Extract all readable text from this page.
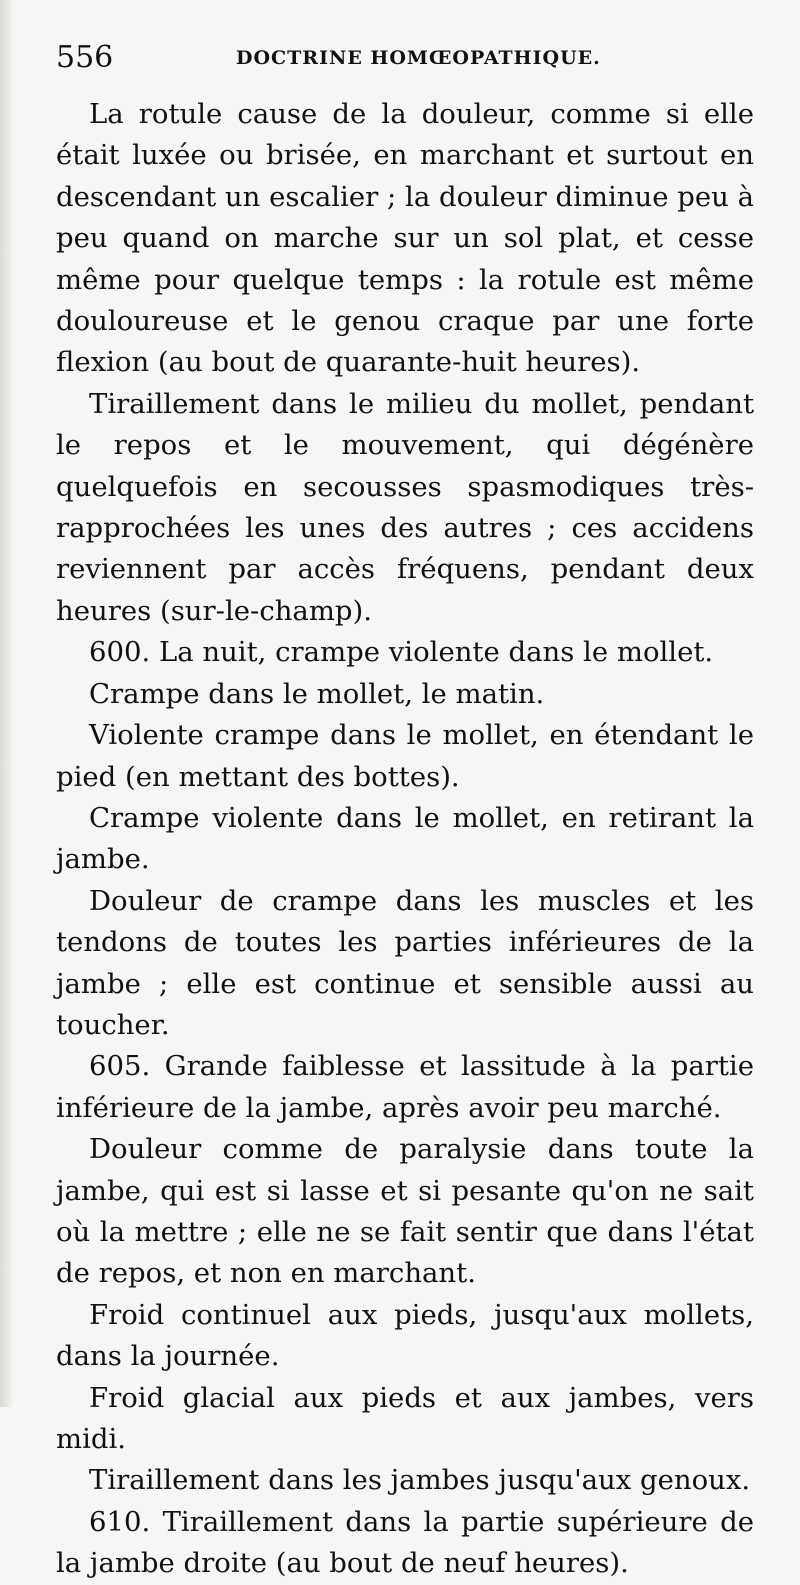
556	DOCTRINE HOMŒOPATHIQUE.

La rotule cause de la douleur, comme si elle était luxée ou brisée, en marchant et surtout en descendant un escalier ; la douleur diminue peu à peu quand on marche sur un sol plat, et cesse même pour quelque temps : la rotule est même douloureuse et le genou craque par une forte flexion (au bout de quarante-huit heures).

Tiraillement dans le milieu du mollet, pendant le repos et le mouvement, qui dégénère quelquefois en secousses spasmodiques très-rapprochées les unes des autres ; ces accidens reviennent par accès fréquens, pendant deux heures (sur-le-champ).

600. La nuit, crampe violente dans le mollet.

Crampe dans le mollet, le matin.

Violente crampe dans le mollet, en étendant le pied (en mettant des bottes).

Crampe violente dans le mollet, en retirant la jambe.

Douleur de crampe dans les muscles et les tendons de toutes les parties inférieures de la jambe ; elle est continue et sensible aussi au toucher.

605. Grande faiblesse et lassitude à la partie inférieure de la jambe, après avoir peu marché.

Douleur comme de paralysie dans toute la jambe, qui est si lasse et si pesante qu'on ne sait où la mettre ; elle ne se fait sentir que dans l'état de repos, et non en marchant.

Froid continuel aux pieds, jusqu'aux mollets, dans la journée.

Froid glacial aux pieds et aux jambes, vers midi.

Tiraillement dans les jambes jusqu'aux genoux.

610. Tiraillement dans la partie supérieure de la jambe droite (au bout de neuf heures).
